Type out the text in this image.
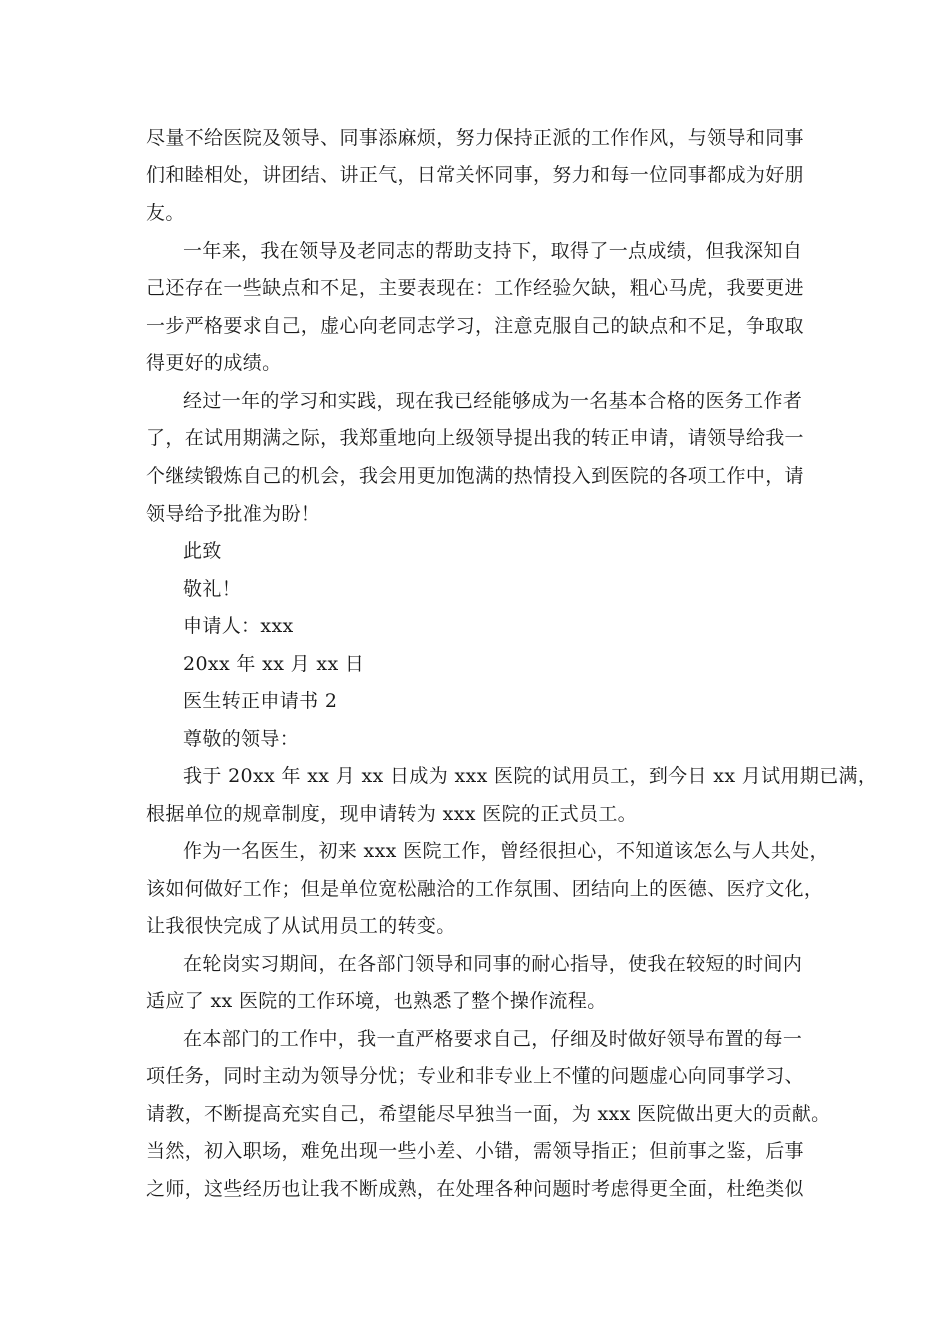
尽量不给医院及领导、同事添麻烦，努力保持正派的工作作风，与领导和同事
们和睦相处，讲团结、讲正气，日常关怀同事，努力和每一位同事都成为好朋
友。
一年来，我在领导及老同志的帮助支持下，取得了一点成绩，但我深知自
己还存在一些缺点和不足，主要表现在：工作经验欠缺，粗心马虎，我要更进
一步严格要求自己，虚心向老同志学习，注意克服自己的缺点和不足，争取取
得更好的成绩。
经过一年的学习和实践，现在我已经能够成为一名基本合格的医务工作者
了，在试用期满之际，我郑重地向上级领导提出我的转正申请，请领导给我一
个继续锻炼自己的机会，我会用更加饱满的热情投入到医院的各项工作中，请
领导给予批准为盼！
此致
敬礼！
申请人：xxx
20xx 年 xx 月 xx 日
医生转正申请书 2
尊敬的领导：
我于 20xx 年 xx 月 xx 日成为 xxx 医院的试用员工，到今日 xx 月试用期已满，
根据单位的规章制度，现申请转为 xxx 医院的正式员工。
作为一名医生，初来 xxx 医院工作，曾经很担心，不知道该怎么与人共处，
该如何做好工作；但是单位宽松融洽的工作氛围、团结向上的医德、医疗文化，
让我很快完成了从试用员工的转变。
在轮岗实习期间，在各部门领导和同事的耐心指导，使我在较短的时间内
适应了 xx 医院的工作环境，也熟悉了整个操作流程。
在本部门的工作中，我一直严格要求自己，仔细及时做好领导布置的每一
项任务，同时主动为领导分忧；专业和非专业上不懂的问题虚心向同事学习、
请教，不断提高充实自己，希望能尽早独当一面，为 xxx 医院做出更大的贡献。
当然，初入职场，难免出现一些小差、小错，需领导指正；但前事之鉴，后事
之师，这些经历也让我不断成熟，在处理各种问题时考虑得更全面，杜绝类似
